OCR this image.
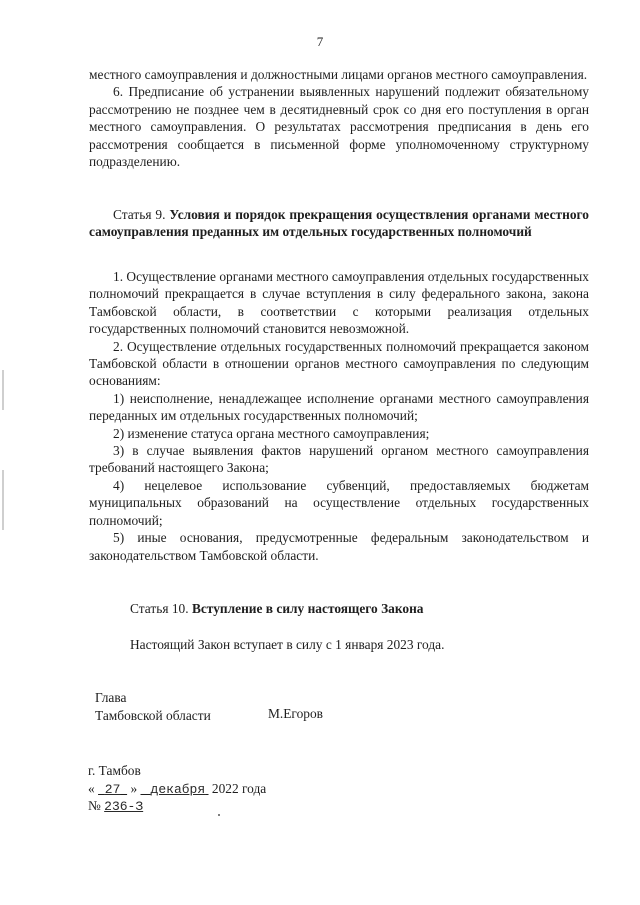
7

местного самоуправления и должностными лицами органов местного самоуправления.

6. Предписание об устранении выявленных нарушений подлежит обязательному рассмотрению не позднее чем в десятидневный срок со дня его поступления в орган местного самоуправления. О результатах рассмотрения предписания в день его рассмотрения сообщается в письменной форме уполномоченному структурному подразделению.

Статья 9. Условия и порядок прекращения осуществления органами местного самоуправления преданных им отдельных государственных полномочий

1. Осуществление органами местного самоуправления отдельных государственных полномочий прекращается в случае вступления в силу федерального закона, закона Тамбовской области, в соответствии с которыми реализация отдельных государственных полномочий становится невозможной.

2. Осуществление отдельных государственных полномочий прекращается законом Тамбовской области в отношении органов местного самоуправления по следующим основаниям:

1) неисполнение, ненадлежащее исполнение органами местного самоуправления переданных им отдельных государственных полномочий;

2) изменение статуса органа местного самоуправления;

3) в случае выявления фактов нарушений органом местного самоуправления требований настоящего Закона;

4) нецелевое использование субвенций, предоставляемых бюджетам муниципальных образований на осуществление отдельных государственных полномочий;

5) иные основания, предусмотренные федеральным законодательством и законодательством Тамбовской области.

Статья 10. Вступление в силу настоящего Закона

Настоящий Закон вступает в силу с 1 января 2023 года.

Глава
Тамбовской области	М.Егоров
г. Тамбов
« 27 » декабря 2022 года
№ 236-З
